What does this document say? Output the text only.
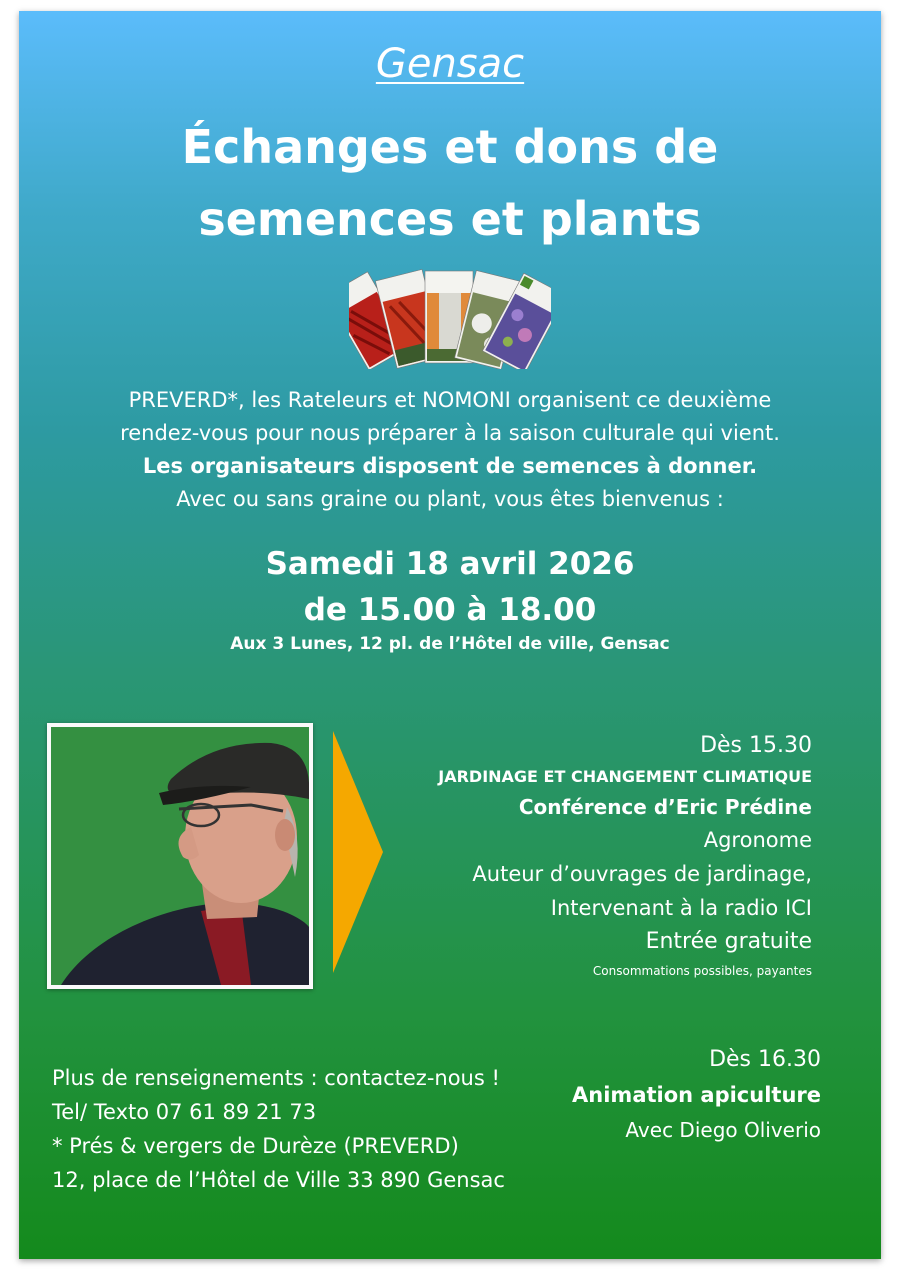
Gensac
Échanges et dons de
semences et plants
PREVERD*, les Rateleurs et NOMONI organisent ce deuxième
rendez-vous pour nous préparer à la saison culturale qui vient.
Les organisateurs disposent de semences à donner.
Avec ou sans graine ou plant, vous êtes bienvenus :
Samedi 18 avril 2026
de 15.00 à 18.00
Aux 3 Lunes, 12 pl. de l’Hôtel de ville, Gensac
Dès 15.30
JARDINAGE ET CHANGEMENT CLIMATIQUE
Conférence d’Eric Prédine
Agronome
Auteur d’ouvrages de jardinage,
Intervenant à la radio ICI
Entrée gratuite
Consommations possibles, payantes
Plus de renseignements : contactez-nous !
Tel/ Texto 07 61 89 21 73
* Prés & vergers de Durèze (PREVERD)
12, place de l’Hôtel de Ville 33 890 Gensac
Dès 16.30
Animation apiculture
Avec Diego Oliverio
